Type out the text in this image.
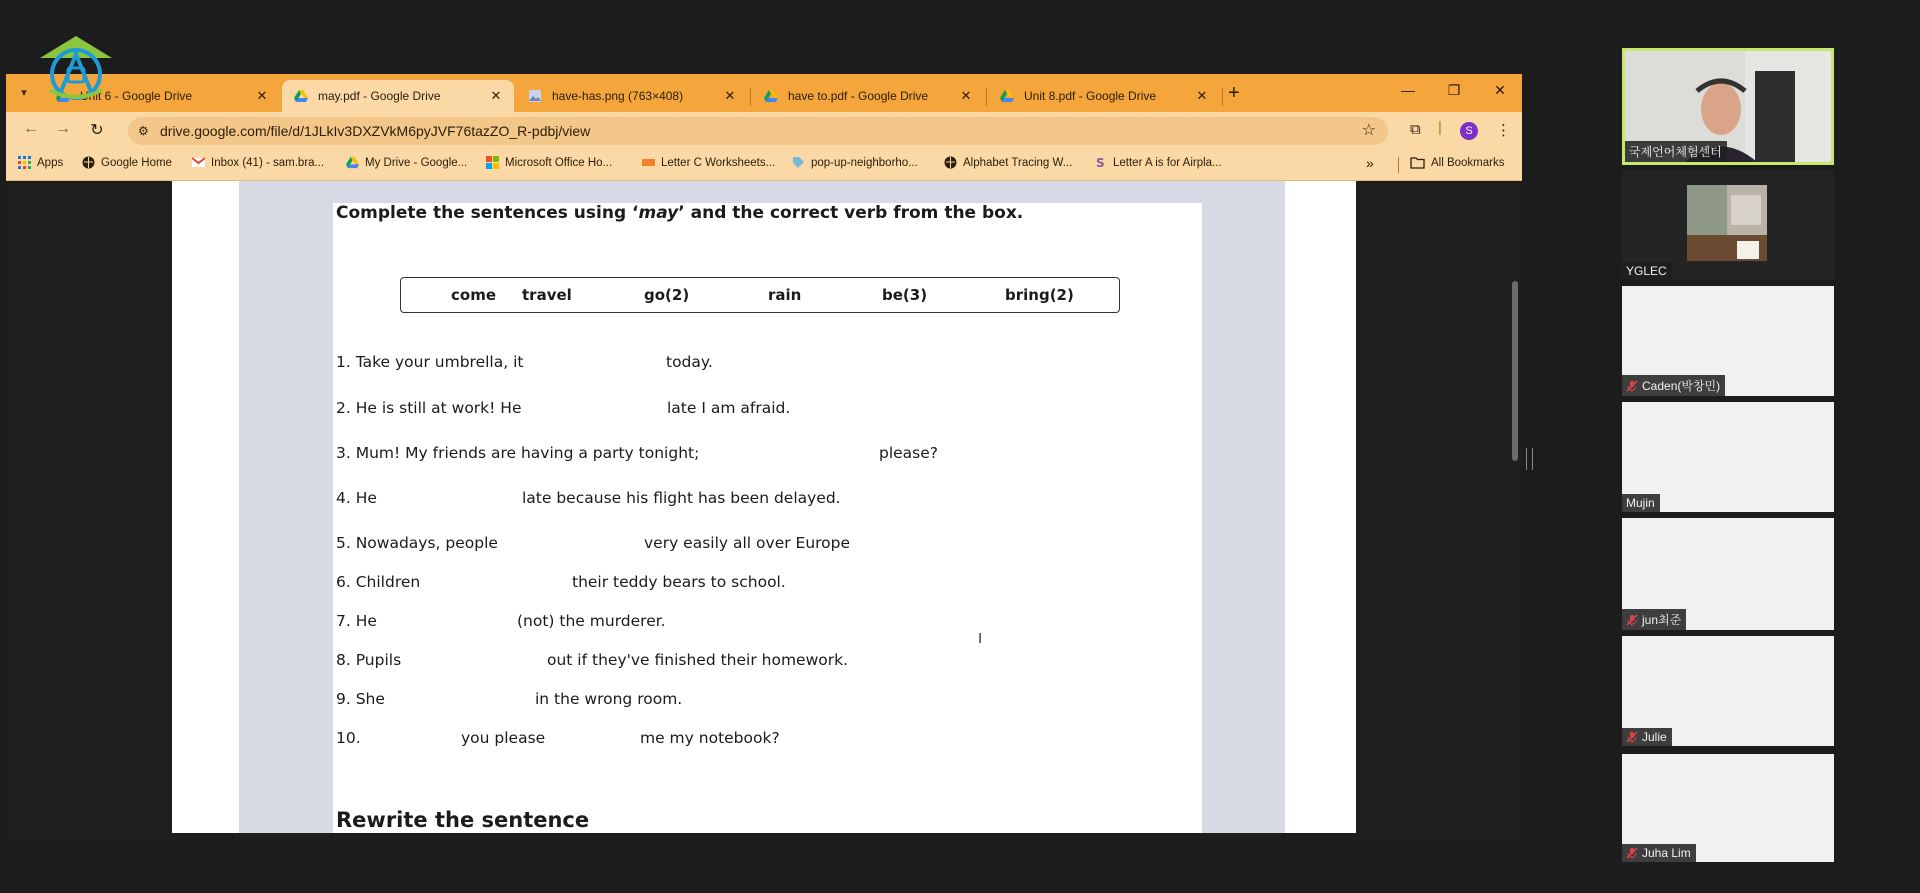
▾	Unit 6 - Google Drive	✕	may.pdf - Google Drive	✕	have-has.png (763×408)	✕	have to.pdf - Google Drive	✕	Unit 8.pdf - Google Drive	✕ +	— ❐ ✕
← → ↻	⚙ drive.google.com/file/d/1JLkIv3DXZVkM6pyJVF76tazZO_R-pdbj/view	☆ ⧉ |	S	⋮
Apps	Google Home	Inbox (41) - sam.bra...	My Drive - Google...	Microsoft Office Ho...	Letter C Worksheets...	pop-up-neighborho...	Alphabet Tracing W... S Letter A is for Airpla...	»	All Bookmarks
Complete the sentences using ‘may’ and the correct verb from the box.
come travel	go(2)	rain	be(3)	bring(2)
1. Take your umbrella, it	today.
2. He is still at work! He	late I am afraid.
3. Mum! My friends are having a party tonight;	please?
4. He	late because his flight has been delayed.
5. Nowadays, people	very easily all over Europe
6. Children	their teddy bears to school.
7. He	(not) the murderer.
8. Pupils	out if they've finished their homework.
9. She	in the wrong room.
10.	you please	me my notebook?
Rewrite the sentence
I
국제언어체험센터
YGLEC
Caden(박창민)
Mujin
jun최준
Julie
Juha Lim
